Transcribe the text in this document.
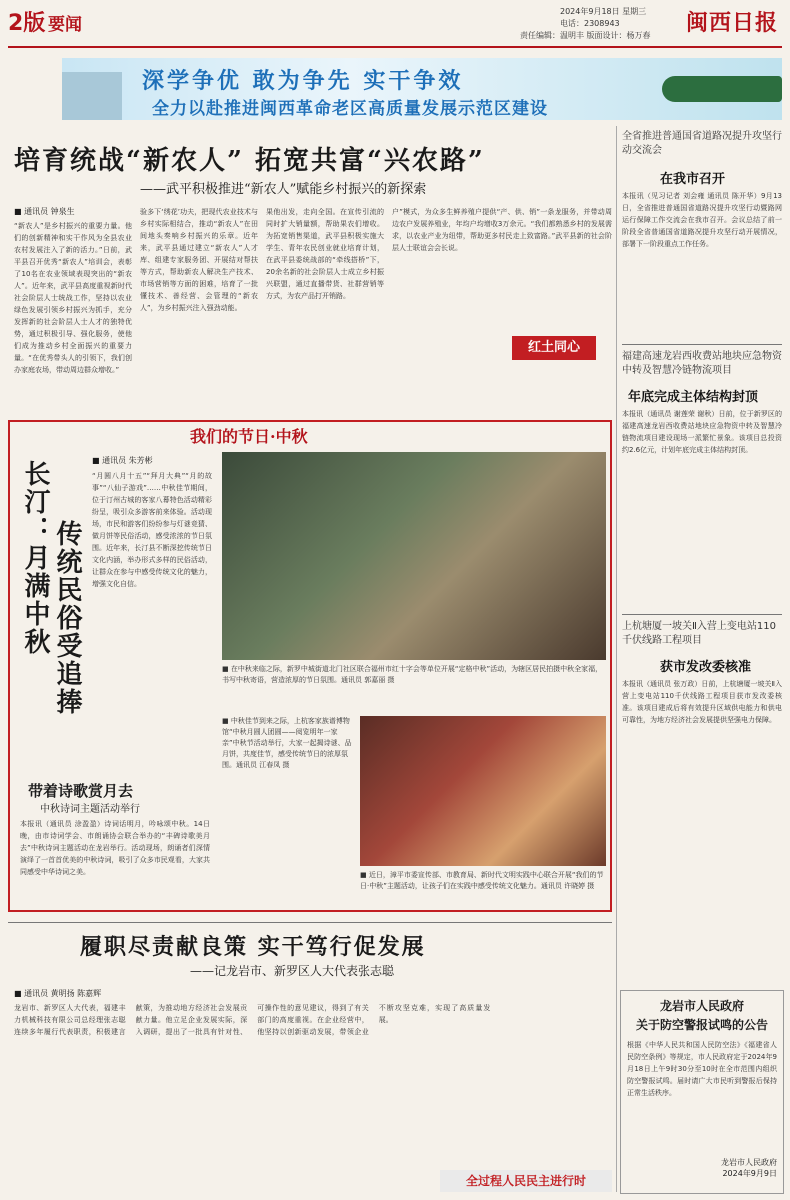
2版 要闻
2024年9月18日 星期三
电话：2308943
责任编辑：温明丰 版面设计：杨万春 闽西日报
深学争优 敢为争先 实干争效
全力以赴推进闽西革命老区高质量发展示范区建设
培育统战“新农人” 拓宽共富“兴农路”
——武平积极推进“新农人”赋能乡村振兴的新探索
■ 通讯员 钟泉生
“新农人”是乡村振兴的重要力量。他们的创新精神和实干作风为全县农业农村发展注入了新的活力。”日前，武平县召开优秀“新农人”培训会，表彰了10名在农业领域表现突出的“新农人”。近年来，武平县高度重视新时代社会阶层人士统战工作，坚持以农业绿色发展引领乡村振兴为抓手，充分发挥新的社会阶层人士人才的独特优势，通过积极引导、强化服务，使他们成为推动乡村全面振兴的重要力量。“在优秀带头人的引领下，我们创办家庭农场，带动周边群众增收。”
验多下‘绣花’功夫，把现代农业技术与乡村实际相结合，推动“新农人”在田间地头奏响乡村振兴的乐章。近年来，武平县通过建立“新农人”人才库、组建专家服务团、开展结对帮扶等方式，帮助新农人解决生产技术、市场营销等方面的困难，培育了一批懂技术、善经营、会管理的“新农人”，为乡村振兴注入强劲动能。
果他出发，走向全国。在宣传引流的同时扩大销量额，帮助果农们增收。为拓宽销售渠道，武平县积极实施大学生、青年农民创业就业培育计划，在武平县委统战部的“牵线搭桥”下，20余名新的社会阶层人士成立乡村振兴联盟，通过直播带货、社群营销等方式，为农产品打开销路。
户”模式，为众多生鲜养殖户提供“产、供、销”一条龙服务，并带动周边农户发展养殖业，年均户均增收3万余元。“我们都熟悉乡村的发展需求，以农业产业为纽带，帮助更多村民走上致富路。”武平县新的社会阶层人士联谊会会长说。
红土同心
我们的节日·中秋
长汀：月满中秋 传统民俗受追捧
■ 通讯员 朱芳彬
“月圆八月十五”“拜月大典”“月的故事”“八仙子游戏”……中秋佳节期间，位于汀州古城的客家八幕特色活动精彩纷呈，吸引众多游客前来体验。活动现场，市民和游客们纷纷参与灯谜竞猜、做月饼等民俗活动，感受浓浓的节日氛围。近年来，长汀县不断深挖传统节日文化内涵，举办形式多样的民俗活动，让群众在参与中感受传统文化的魅力，增强文化自信。
■ 在中秋来临之际，新罗中城街道北门社区联合福州市红十字会等单位开展“定格中秋”活动，为辖区居民拍摄中秋全家福，书写中秋寄语，营造浓厚的节日氛围。通讯员 郭嘉丽 摄
带着诗歌赏月去
中秋诗词主题活动举行
本报讯（通讯员 涂盈盈）诗词话明月，吟咏颂中秋。14日晚，由市诗词学会、市朗诵协会联合举办的“丰碑诗歌美月去”中秋诗词主题活动在龙岩举行。活动现场，朗诵者们深情演绎了一首首优美的中秋诗词，吸引了众多市民观看，大家共同感受中华诗词之美。
■ 中秋佳节到来之际，上杭客家族谱博物馆“中秋月圆人团圆——阅览明年一家亲”中秋节活动举行，大家一起揭诗谜、品月饼，共度佳节，感受传统节日的浓厚氛围。通讯员 江春凤 摄
■ 近日，漳平市委宣传部、市教育局、新时代文明实践中心联合开展“我们的节日·中秋”主题活动，让孩子们在实践中感受传统文化魅力。通讯员 许晓婷 摄
履职尽责献良策 实干笃行促发展
——记龙岩市、新罗区人大代表张志聪
■ 通讯员 黄明扬 陈嘉辉
龙岩市、新罗区人大代表，福建丰力机械科技有限公司总经理张志聪连续多年履行代表职责，积极建言献策，为推动地方经济社会发展贡献力量。他立足企业发展实际，深入调研，提出了一批具有针对性、可操作性的意见建议，得到了有关部门的高度重视。在企业经营中，他坚持以创新驱动发展，带领企业不断攻坚克难，实现了高质量发展。
全过程人民民主进行时
全省推进普通国省道路况提升攻坚行动交流会
在我市召开
本报讯（见习记者 刘会雍 通讯员 陈开华）9月13日，全省推进普通国省道路况提升攻坚行动暨路网运行保障工作交流会在我市召开。会议总结了前一阶段全省普通国省道路况提升攻坚行动开展情况，部署下一阶段重点工作任务。
福建高速龙岩西收费站地块应急物资中转及智慧冷链物流项目
年底完成主体结构封顶
本报讯（通讯员 谢莲荣 谢秋）日前，位于新罗区的福建高速龙岩西收费站地块应急物资中转及智慧冷链物流项目建设现场一派繁忙景象。该项目总投资约2.6亿元，计划年底完成主体结构封顶。
上杭塘厦一坡关Ⅱ入营上变电站110千伏线路工程项目
获市发改委核准
本报讯（通讯员 张万政）日前，上杭塘厦一坡关Ⅱ入营上变电站110千伏线路工程项目获市发改委核准。该项目建成后将有效提升区域供电能力和供电可靠性，为地方经济社会发展提供坚强电力保障。
龙岩市人民政府
关于防空警报试鸣的公告
根据《中华人民共和国人民防空法》《福建省人民防空条例》等规定，市人民政府定于2024年9月18日上午9时30分至10时在全市范围内组织防空警报试鸣。届时请广大市民听到警报后保持正常生活秩序。
龙岩市人民政府
2024年9月9日
